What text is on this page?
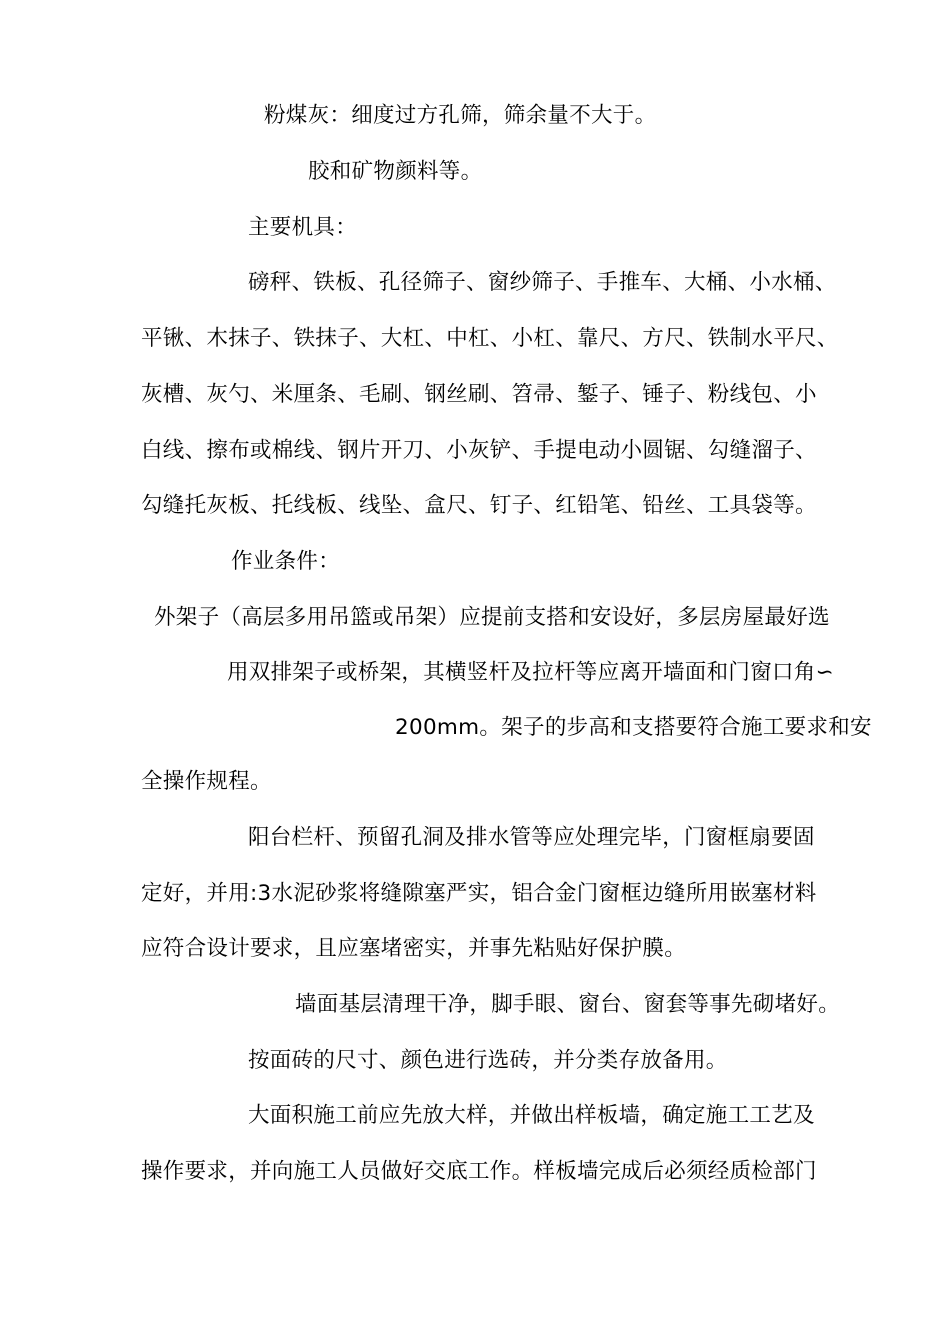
粉煤灰：细度过方孔筛，筛余量不大于。
胶和矿物颜料等。
主要机具：
磅秤、铁板、孔径筛子、窗纱筛子、手推车、大桶、小水桶、
平锹、木抹子、铁抹子、大杠、中杠、小杠、靠尺、方尺、铁制水平尺、
灰槽、灰勺、米厘条、毛刷、钢丝刷、笤帚、錾子、锤子、粉线包、小
白线、擦布或棉线、钢片开刀、小灰铲、手提电动小圆锯、勾缝溜子、
勾缝托灰板、托线板、线坠、盒尺、钉子、红铅笔、铅丝、工具袋等。
作业条件：
外架子（高层多用吊篮或吊架）应提前支搭和安设好，多层房屋最好选
用双排架子或桥架，其横竖杆及拉杆等应离开墙面和门窗口角∽
200mm。架子的步高和支搭要符合施工要求和安
全操作规程。
阳台栏杆、预留孔洞及排水管等应处理完毕，门窗框扇要固
定好，并用:3水泥砂浆将缝隙塞严实，铝合金门窗框边缝所用嵌塞材料
应符合设计要求，且应塞堵密实，并事先粘贴好保护膜。
墙面基层清理干净，脚手眼、窗台、窗套等事先砌堵好。
按面砖的尺寸、颜色进行选砖，并分类存放备用。
大面积施工前应先放大样，并做出样板墙，确定施工工艺及
操作要求，并向施工人员做好交底工作。样板墙完成后必须经质检部门
